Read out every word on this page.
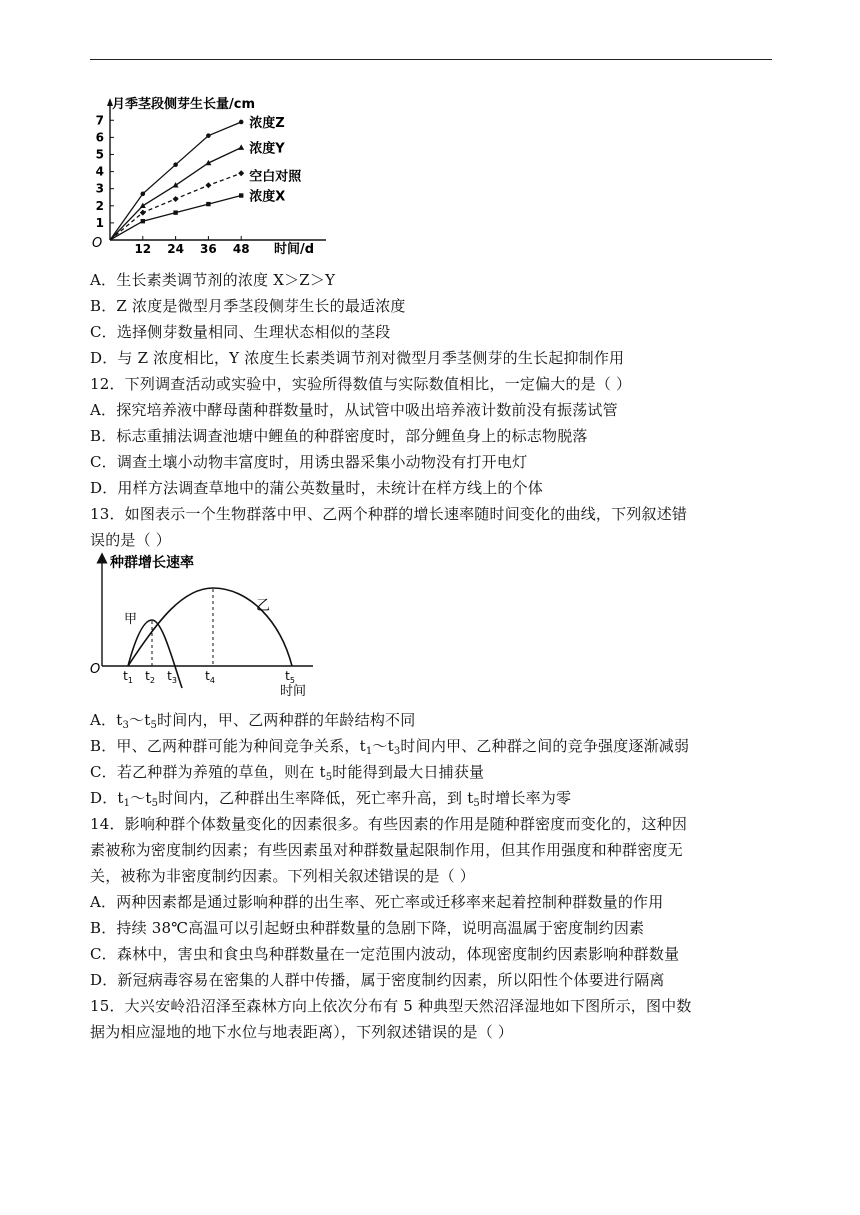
1
2
3
4
5
6
7
12 24 36 48
浓度Z
浓度Y
空白对照
浓度X
月季茎段侧芽生长量/cm
时间/d
O
种群增长速率
时间
O
甲
乙
$t_1$ $t_2$ $t_3$ $t_4$	$t_5$
A．生长素类调节剂的浓度 X＞Z＞Y
B．Z 浓度是微型月季茎段侧芽生长的最适浓度
C．选择侧芽数量相同、生理状态相似的茎段
D．与 Z 浓度相比，Y 浓度生长素类调节剂对微型月季茎侧芽的生长起抑制作用
12．下列调查活动或实验中，实验所得数值与实际数值相比，一定偏大的是（ ）
A．探究培养液中酵母菌种群数量时，从试管中吸出培养液计数前没有振荡试管
B．标志重捕法调查池塘中鲤鱼的种群密度时，部分鲤鱼身上的标志物脱落
C．调查土壤小动物丰富度时，用诱虫器采集小动物没有打开电灯
D．用样方法调查草地中的蒲公英数量时，未统计在样方线上的个体
13．如图表示一个生物群落中甲、乙两个种群的增长速率随时间变化的曲线，下列叙述错
误的是（ ）
A．$t_3\sim t_5$时间内，甲、乙两种群的年龄结构不同
B．甲、乙两种群可能为种间竞争关系，$t_1\sim t_3$时间内甲、乙种群之间的竞争强度逐渐减弱
C．若乙种群为养殖的草鱼，则在 $t_5$时能得到最大日捕获量
D．$t_1\sim t_5$时间内，乙种群出生率降低，死亡率升高，到 $t_5$时增长率为零
14．影响种群个体数量变化的因素很多。有些因素的作用是随种群密度而变化的，这种因
素被称为密度制约因素；有些因素虽对种群数量起限制作用，但其作用强度和种群密度无
关，被称为非密度制约因素。下列相关叙述错误的是（ ）
A．两种因素都是通过影响种群的出生率、死亡率或迁移率来起着控制种群数量的作用
B．持续 38℃高温可以引起蚜虫种群数量的急剧下降，说明高温属于密度制约因素
C．森林中，害虫和食虫鸟种群数量在一定范围内波动，体现密度制约因素影响种群数量
D．新冠病毒容易在密集的人群中传播，属于密度制约因素，所以阳性个体要进行隔离
15．大兴安岭沿沼泽至森林方向上依次分布有 5 种典型天然沼泽湿地如下图所示，图中数
据为相应湿地的地下水位与地表距离），下列叙述错误的是（ ）
